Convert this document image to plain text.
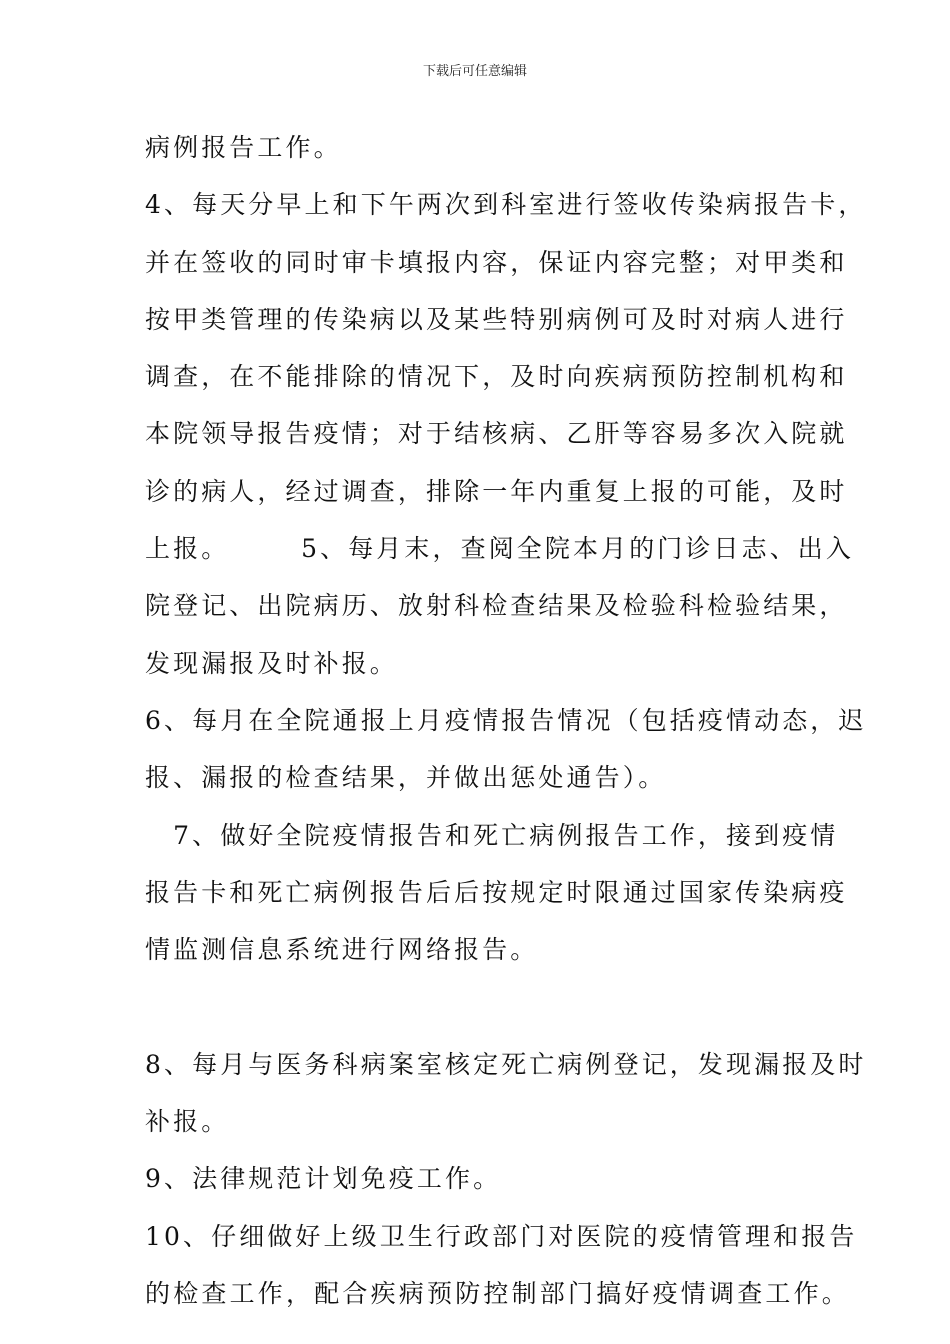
下载后可任意编辑
病例报告工作。
4、每天分早上和下午两次到科室进行签收传染病报告卡，
并在签收的同时审卡填报内容，保证内容完整；对甲类和
按甲类管理的传染病以及某些特别病例可及时对病人进行
调查，在不能排除的情况下，及时向疾病预防控制机构和
本院领导报告疫情；对于结核病、乙肝等容易多次入院就
诊的病人，经过调查，排除一年内重复上报的可能，及时
上报。　　　5、每月末，查阅全院本月的门诊日志、出入
院登记、出院病历、放射科检查结果及检验科检验结果，
发现漏报及时补报。
6、每月在全院通报上月疫情报告情况（包括疫情动态，迟
报、漏报的检查结果，并做出惩处通告）。
　7、做好全院疫情报告和死亡病例报告工作，接到疫情
报告卡和死亡病例报告后后按规定时限通过国家传染病疫
情监测信息系统进行网络报告。
8、每月与医务科病案室核定死亡病例登记，发现漏报及时
补报。
9、法律规范计划免疫工作。
10、仔细做好上级卫生行政部门对医院的疫情管理和报告
的检查工作，配合疾病预防控制部门搞好疫情调查工作。
